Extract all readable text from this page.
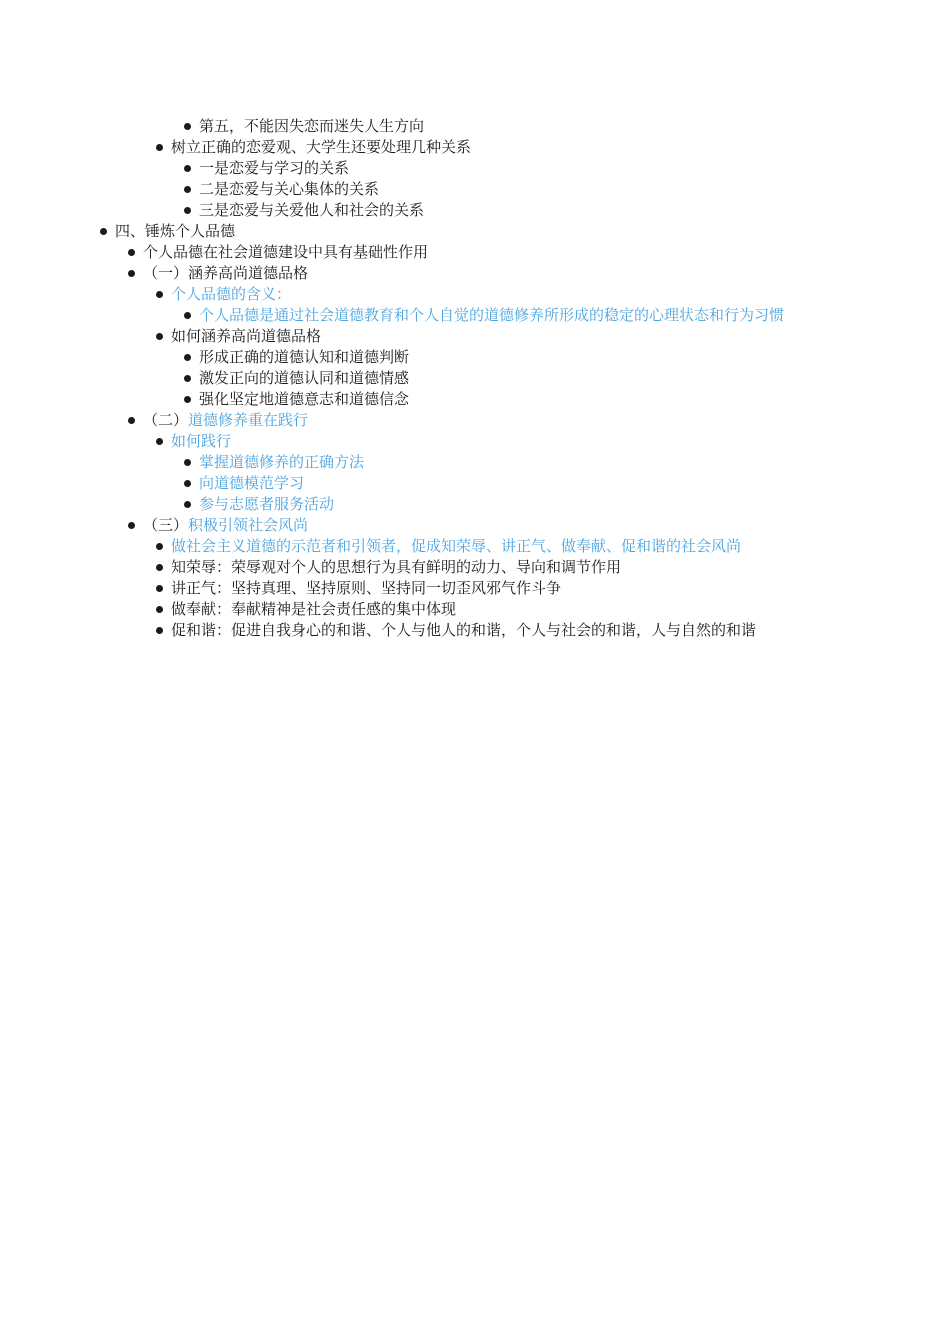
第五，不能因失恋而迷失人生方向
树立正确的恋爱观、大学生还要处理几种关系
一是恋爱与学习的关系
二是恋爱与关心集体的关系
三是恋爱与关爱他人和社会的关系
四、锤炼个人品德
个人品德在社会道德建设中具有基础性作用
（一）涵养高尚道德品格
个人品德的含义：
个人品德是通过社会道德教育和个人自觉的道德修养所形成的稳定的心理状态和行为习惯
如何涵养高尚道德品格
形成正确的道德认知和道德判断
激发正向的道德认同和道德情感
强化坚定地道德意志和道德信念
（二）道德修养重在践行
如何践行
掌握道德修养的正确方法
向道德模范学习
参与志愿者服务活动
（三）积极引领社会风尚
做社会主义道德的示范者和引领者，促成知荣辱、讲正气、做奉献、促和谐的社会风尚
知荣辱：荣辱观对个人的思想行为具有鲜明的动力、导向和调节作用
讲正气：坚持真理、坚持原则、坚持同一切歪风邪气作斗争
做奉献：奉献精神是社会责任感的集中体现
促和谐：促进自我身心的和谐、个人与他人的和谐，个人与社会的和谐，人与自然的和谐
